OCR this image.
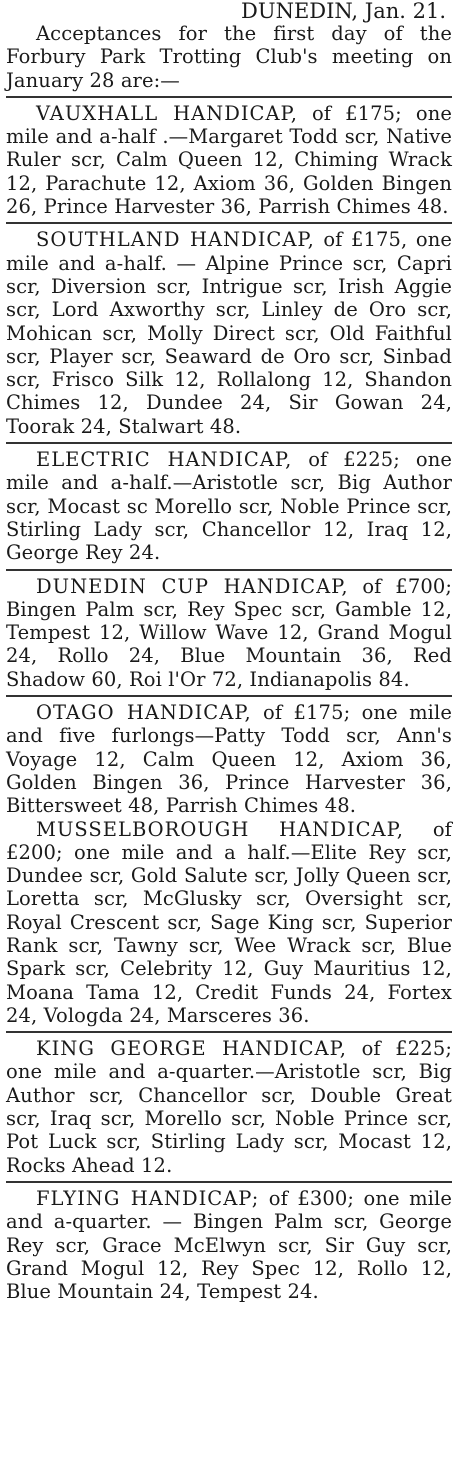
DUNEDIN, Jan. 21.

Acceptances for the first day of the Forbury Park Trotting Club's meeting on January 28 are:—

VAUXHALL HANDICAP, of £175; one mile and a-half .—Margaret Todd scr, Native Ruler scr, Calm Queen 12, Chiming Wrack 12, Parachute 12, Axiom 36, Golden Bingen 26, Prince Harvester 36, Parrish Chimes 48.

SOUTHLAND HANDICAP, of £175, one mile and a-half. — Alpine Prince scr, Capri scr, Diversion scr, Intrigue scr, Irish Aggie scr, Lord Axworthy scr, Linley de Oro scr, Mohican scr, Molly Direct scr, Old Faithful scr, Player scr, Seaward de Oro scr, Sinbad scr, Frisco Silk 12, Rollalong 12, Shandon Chimes 12, Dundee 24, Sir Gowan 24, Toorak 24, Stalwart 48.

ELECTRIC HANDICAP, of £225; one mile and a-half.—Aristotle scr, Big Author scr, Mocast sc Morello scr, Noble Prince scr, Stirling Lady scr, Chancellor 12, Iraq 12, George Rey 24.

DUNEDIN CUP HANDICAP, of £700; Bingen Palm scr, Rey Spec scr, Gamble 12, Tempest 12, Willow Wave 12, Grand Mogul 24, Rollo 24, Blue Mountain 36, Red Shadow 60, Roi l'Or 72, Indianapolis 84.

OTAGO HANDICAP, of £175; one mile and five furlongs—Patty Todd scr, Ann's Voyage 12, Calm Queen 12, Axiom 36, Golden Bingen 36, Prince Harvester 36, Bittersweet 48, Parrish Chimes 48.

MUSSELBOROUGH HANDICAP, of £200; one mile and a half.—Elite Rey scr, Dundee scr, Gold Salute scr, Jolly Queen scr, Loretta scr, McGlusky scr, Oversight scr, Royal Crescent scr, Sage King scr, Superior Rank scr, Tawny scr, Wee Wrack scr, Blue Spark scr, Celebrity 12, Guy Mauritius 12, Moana Tama 12, Credit Funds 24, Fortex 24, Vologda 24, Marsceres 36.

KING GEORGE HANDICAP, of £225; one mile and a-quarter.—Aristotle scr, Big Author scr, Chancellor scr, Double Great scr, Iraq scr, Morello scr, Noble Prince scr, Pot Luck scr, Stirling Lady scr, Mocast 12, Rocks Ahead 12.

FLYING HANDICAP; of £300; one mile and a-quarter. — Bingen Palm scr, George Rey scr, Grace McElwyn scr, Sir Guy scr, Grand Mogul 12, Rey Spec 12, Rollo 12, Blue Mountain 24, Tempest 24.
